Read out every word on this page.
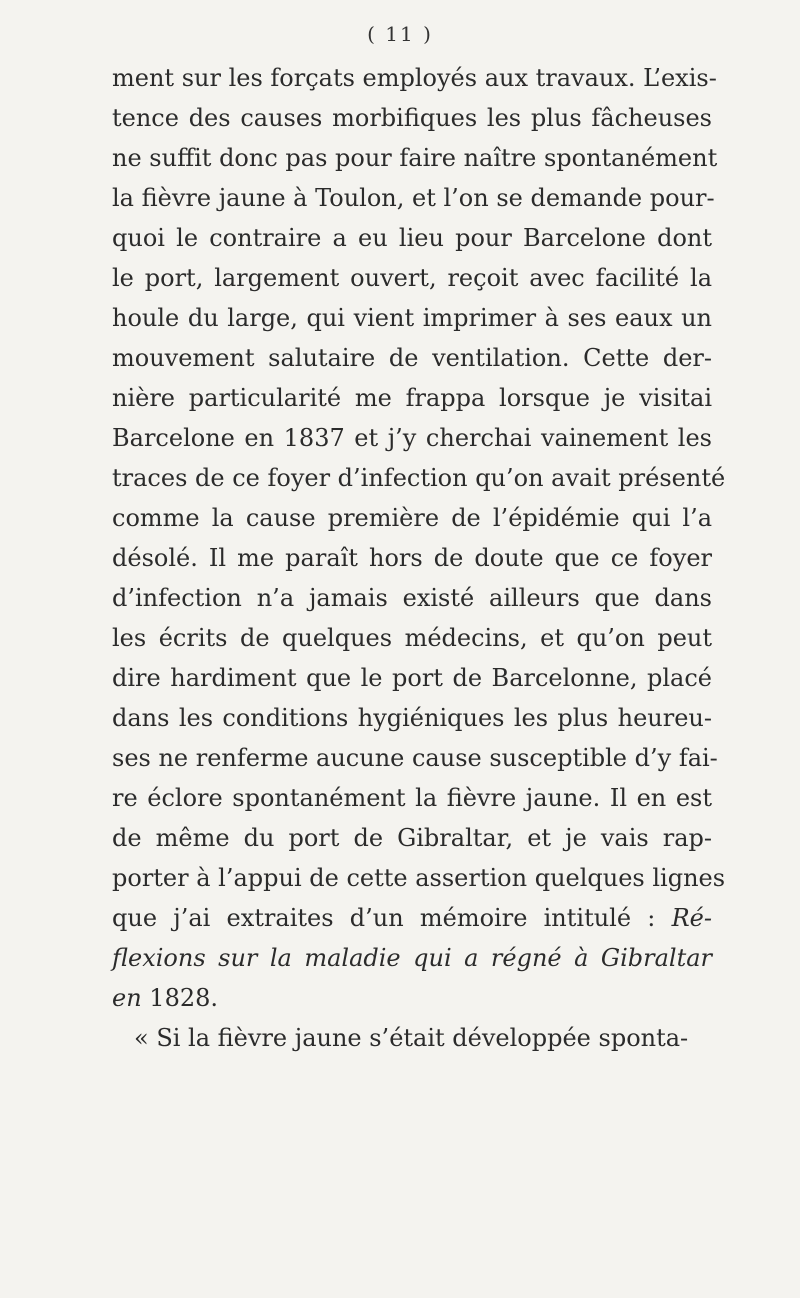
( 11 )
ment sur les forçats employés aux travaux. L’exis-
tence des causes morbifiques les plus fâcheuses
ne suffit donc pas pour faire naître spontanément
la fièvre jaune à Toulon, et l’on se demande pour-
quoi le contraire a eu lieu pour Barcelone dont
le port, largement ouvert, reçoit avec facilité la
houle du large, qui vient imprimer à ses eaux un
mouvement salutaire de ventilation. Cette der-
nière particularité me frappa lorsque je visitai
Barcelone en 1837 et j’y cherchai vainement les
traces de ce foyer d’infection qu’on avait présenté
comme la cause première de l’épidémie qui l’a
désolé. Il me paraît hors de doute que ce foyer
d’infection n’a jamais existé ailleurs que dans
les écrits de quelques médecins, et qu’on peut
dire hardiment que le port de Barcelonne, placé
dans les conditions hygiéniques les plus heureu-
ses ne renferme aucune cause susceptible d’y fai-
re éclore spontanément la fièvre jaune. Il en est
de même du port de Gibraltar, et je vais rap-
porter à l’appui de cette assertion quelques lignes
que j’ai extraites d’un mémoire intitulé : Ré-
flexions sur la maladie qui a régné à Gibraltar
en 1828.
« Si la fièvre jaune s’était développée sponta-
